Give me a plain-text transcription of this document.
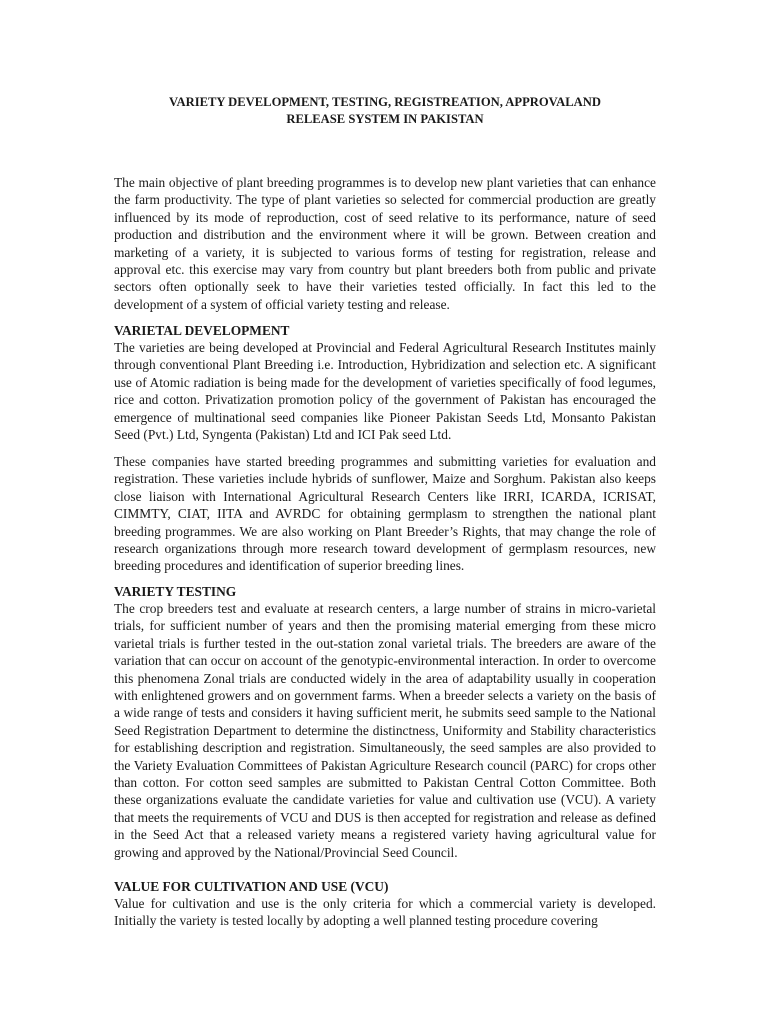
VARIETY DEVELOPMENT, TESTING, REGISTREATION, APPROVALAND
RELEASE SYSTEM IN PAKISTAN

The main objective of plant breeding programmes is to develop new plant varieties that can enhance the farm productivity. The type of plant varieties so selected for commercial production are greatly influenced by its mode of reproduction, cost of seed relative to its performance, nature of seed production and distribution and the environment where it will be grown. Between creation and marketing of a variety, it is subjected to various forms of testing for registration, release and approval etc. this exercise may vary from country but plant breeders both from public and private sectors often optionally seek to have their varieties tested officially. In fact this led to the development of a system of official variety testing and release.

VARIETAL DEVELOPMENT

The varieties are being developed at Provincial and Federal Agricultural Research Institutes mainly through conventional Plant Breeding i.e. Introduction, Hybridization and selection etc. A significant use of Atomic radiation is being made for the development of varieties specifically of food legumes, rice and cotton. Privatization promotion policy of the government of Pakistan has encouraged the emergence of multinational seed companies like Pioneer Pakistan Seeds Ltd, Monsanto Pakistan Seed (Pvt.) Ltd, Syngenta (Pakistan) Ltd and ICI Pak seed Ltd.

These companies have started breeding programmes and submitting varieties for evaluation and registration. These varieties include hybrids of sunflower, Maize and Sorghum. Pakistan also keeps close liaison with International Agricultural Research Centers like IRRI, ICARDA, ICRISAT, CIMMTY, CIAT, IITA and AVRDC for obtaining germplasm to strengthen the national plant breeding programmes. We are also working on Plant Breeder’s Rights, that may change the role of research organizations through more research toward development of germplasm resources, new breeding procedures and identification of superior breeding lines.

VARIETY TESTING

The crop breeders test and evaluate at research centers, a large number of strains in micro-varietal trials, for sufficient number of years and then the promising material emerging from these micro varietal trials is further tested in the out-station zonal varietal trials. The breeders are aware of the variation that can occur on account of the genotypic-environmental interaction. In order to overcome this phenomena Zonal trials are conducted widely in the area of adaptability usually in cooperation with enlightened growers and on government farms. When a breeder selects a variety on the basis of a wide range of tests and considers it having sufficient merit, he submits seed sample to the National Seed Registration Department to determine the distinctness, Uniformity and Stability characteristics for establishing description and registration. Simultaneously, the seed samples are also provided to the Variety Evaluation Committees of Pakistan Agriculture Research council (PARC) for crops other than cotton. For cotton seed samples are submitted to Pakistan Central Cotton Committee. Both these organizations evaluate the candidate varieties for value and cultivation use (VCU). A variety that meets the requirements of VCU and DUS is then accepted for registration and release as defined in the Seed Act that a released variety means a registered variety having agricultural value for growing and approved by the National/Provincial Seed Council.

VALUE FOR CULTIVATION AND USE (VCU)

Value for cultivation and use is the only criteria for which a commercial variety is developed. Initially the variety is tested locally by adopting a well planned testing procedure covering
